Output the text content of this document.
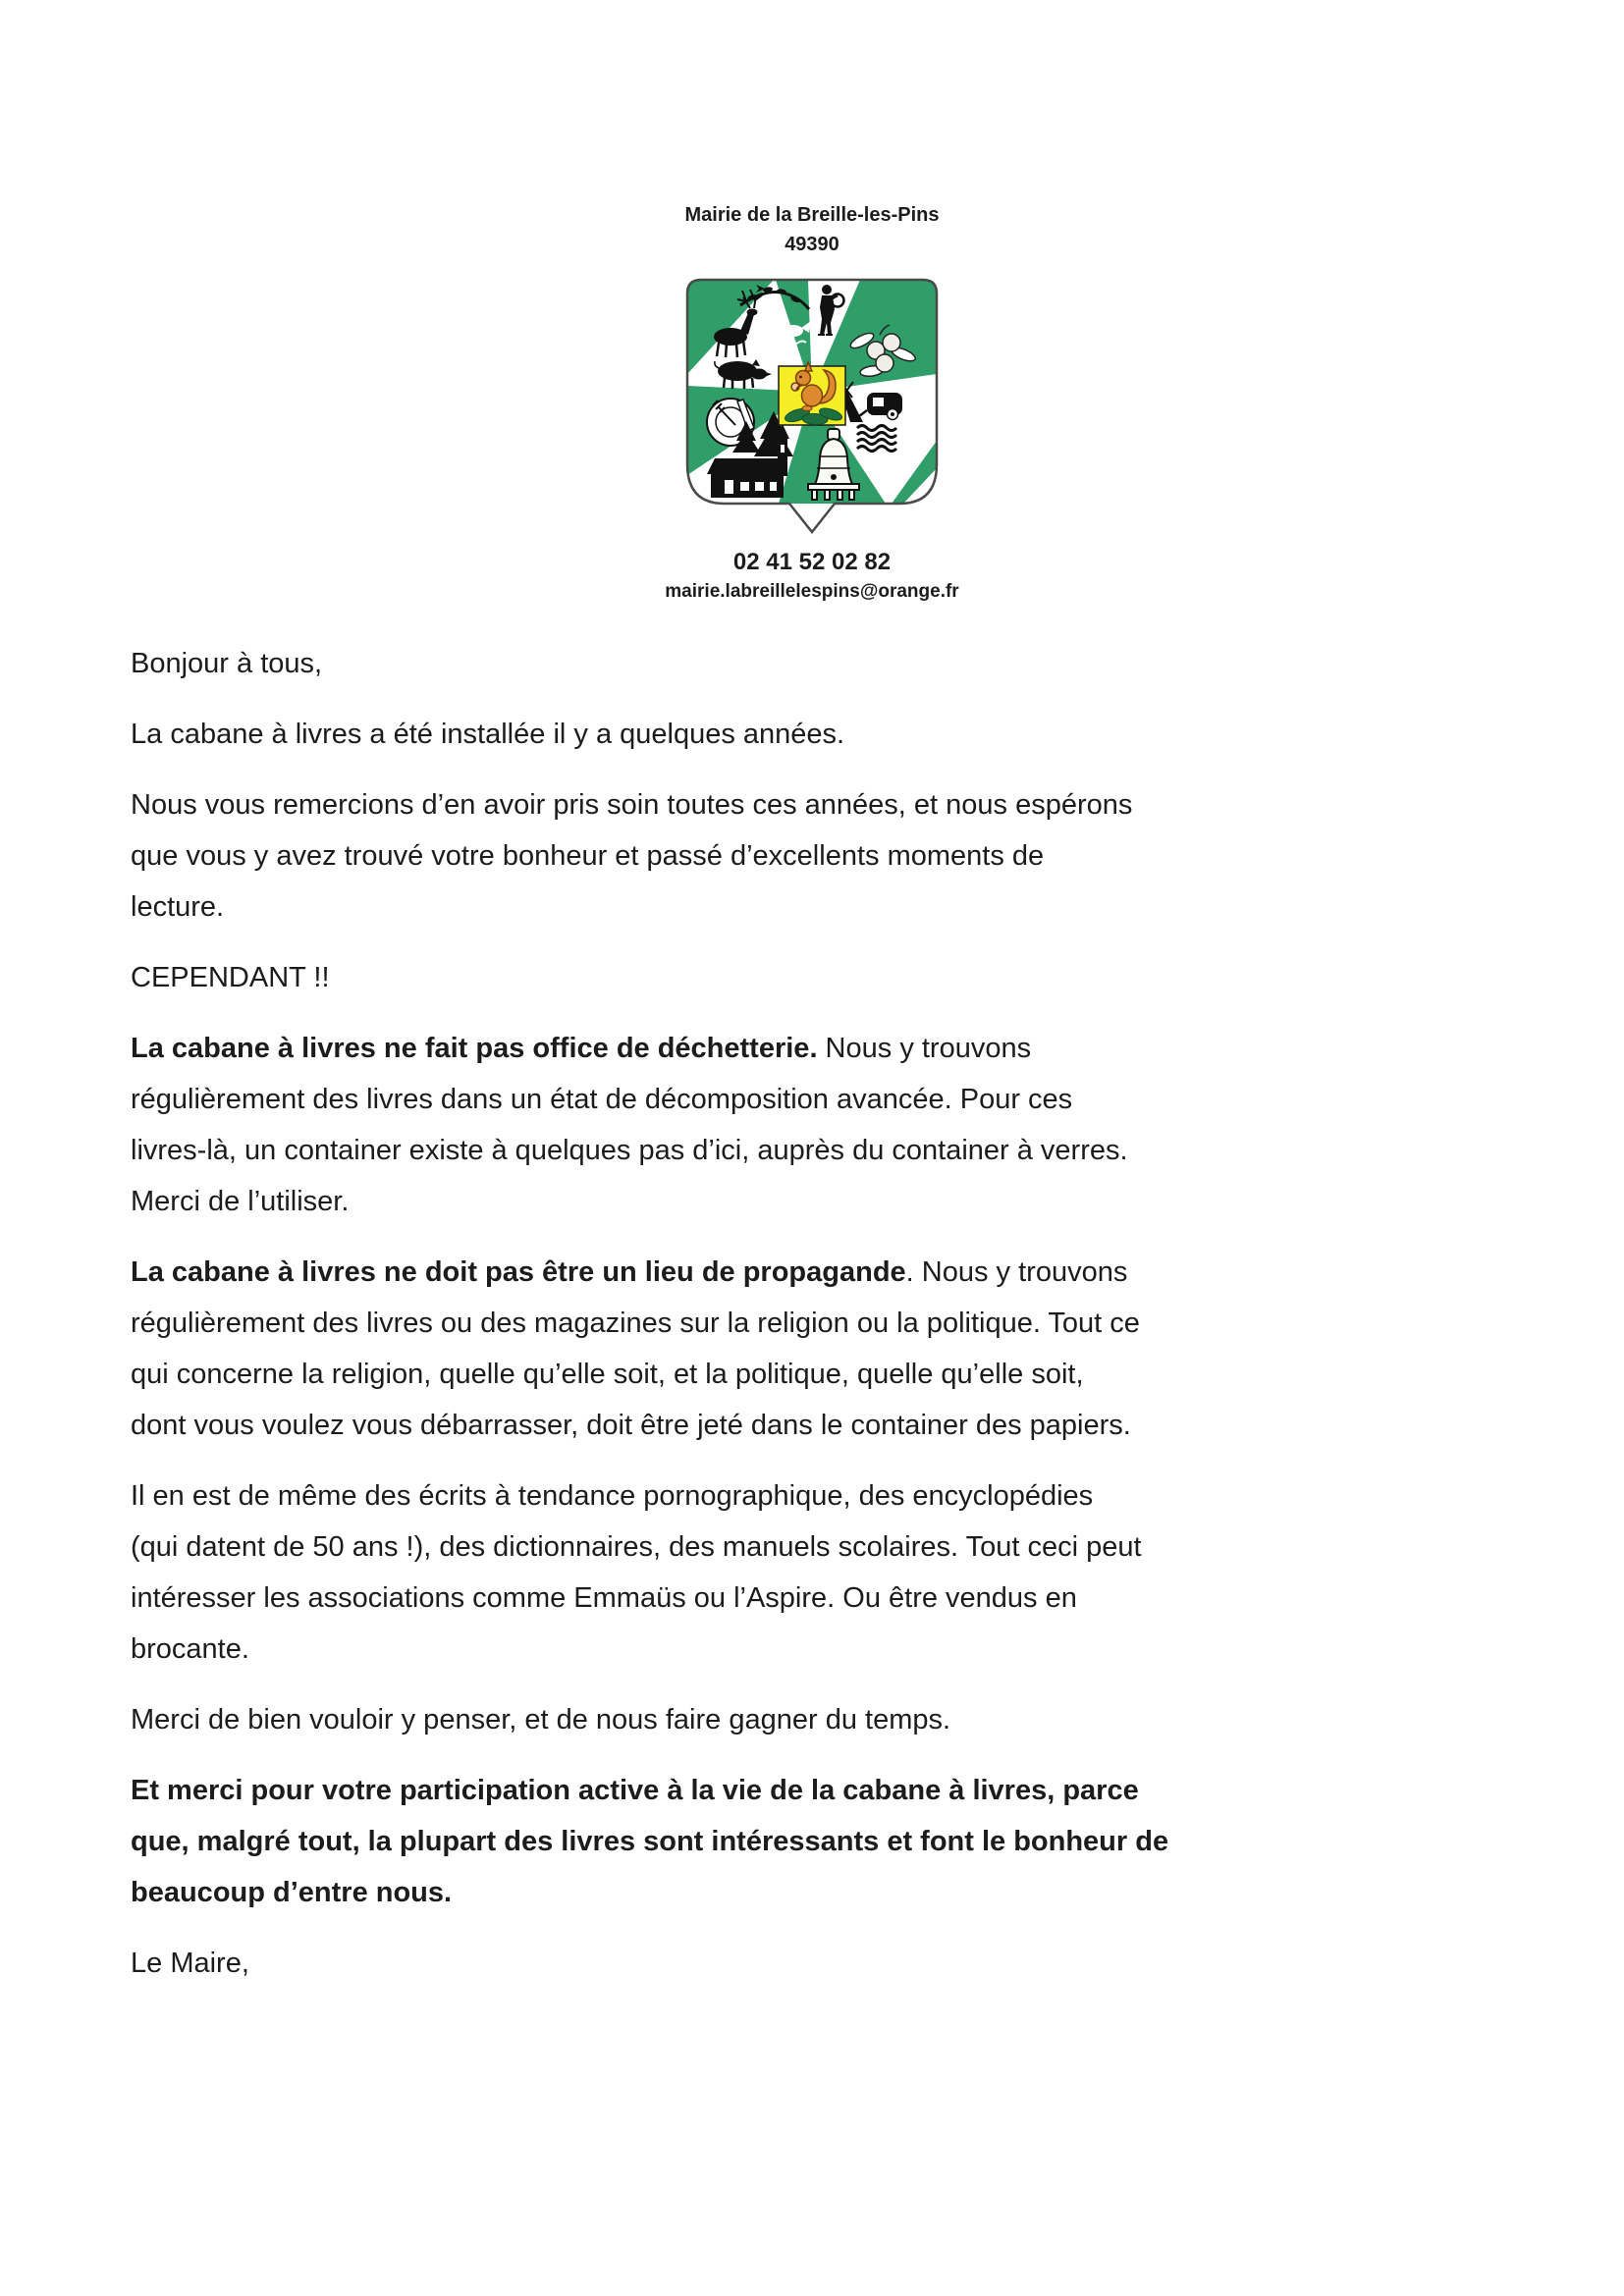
Mairie de la Breille-les-Pins
49390
02 41 52 02 82
mairie.labreillelespins@orange.fr
Bonjour à tous,
La cabane à livres a été installée il y a quelques années.
Nous vous remercions d’en avoir pris soin toutes ces années, et nous espérons
que vous y avez trouvé votre bonheur et passé d’excellents moments de
lecture.
CEPENDANT !!
La cabane à livres ne fait pas office de déchetterie. Nous y trouvons
régulièrement des livres dans un état de décomposition avancée. Pour ces
livres-là, un container existe à quelques pas d’ici, auprès du container à verres.
Merci de l’utiliser.
La cabane à livres ne doit pas être un lieu de propagande. Nous y trouvons
régulièrement des livres ou des magazines sur la religion ou la politique. Tout ce
qui concerne la religion, quelle qu’elle soit, et la politique, quelle qu’elle soit,
dont vous voulez vous débarrasser, doit être jeté dans le container des papiers.
Il en est de même des écrits à tendance pornographique, des encyclopédies
(qui datent de 50 ans !), des dictionnaires, des manuels scolaires. Tout ceci peut
intéresser les associations comme Emmaüs ou l’Aspire. Ou être vendus en
brocante.
Merci de bien vouloir y penser, et de nous faire gagner du temps.
Et merci pour votre participation active à la vie de la cabane à livres, parce
que, malgré tout, la plupart des livres sont intéressants et font le bonheur de
beaucoup d’entre nous.
Le Maire,
